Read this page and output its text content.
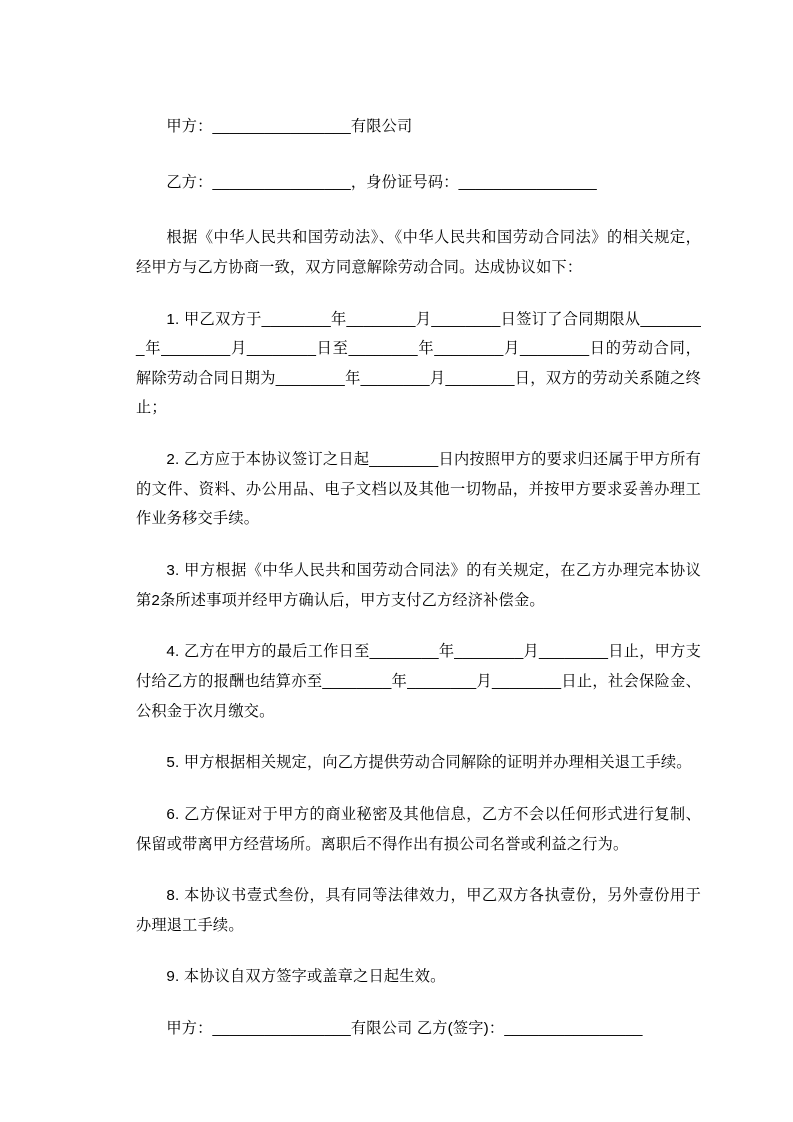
甲方：________________有限公司

乙方：________________，身份证号码：________________

根据《中华人民共和国劳动法》、《中华人民共和国劳动合同法》的相关规定，经甲方与乙方协商一致，双方同意解除劳动合同。达成协议如下：

1. 甲乙双方于________年________月________日签订了合同期限从________年________月________日至________年________月________日的劳动合同，解除劳动合同日期为________年________月________日，双方的劳动关系随之终止；

2. 乙方应于本协议签订之日起________日内按照甲方的要求归还属于甲方所有的文件、资料、办公用品、电子文档以及其他一切物品，并按甲方要求妥善办理工作业务移交手续。

3. 甲方根据《中华人民共和国劳动合同法》的有关规定，在乙方办理完本协议第2条所述事项并经甲方确认后，甲方支付乙方经济补偿金。

4. 乙方在甲方的最后工作日至________年________月________日止，甲方支付给乙方的报酬也结算亦至________年________月________日止，社会保险金、公积金于次月缴交。

5. 甲方根据相关规定，向乙方提供劳动合同解除的证明并办理相关退工手续。

6. 乙方保证对于甲方的商业秘密及其他信息，乙方不会以任何形式进行复制、保留或带离甲方经营场所。离职后不得作出有损公司名誉或利益之行为。

8. 本协议书壹式叁份，具有同等法律效力，甲乙双方各执壹份，另外壹份用于办理退工手续。

9. 本协议自双方签字或盖章之日起生效。

甲方：________________有限公司 乙方(签字)：________________
